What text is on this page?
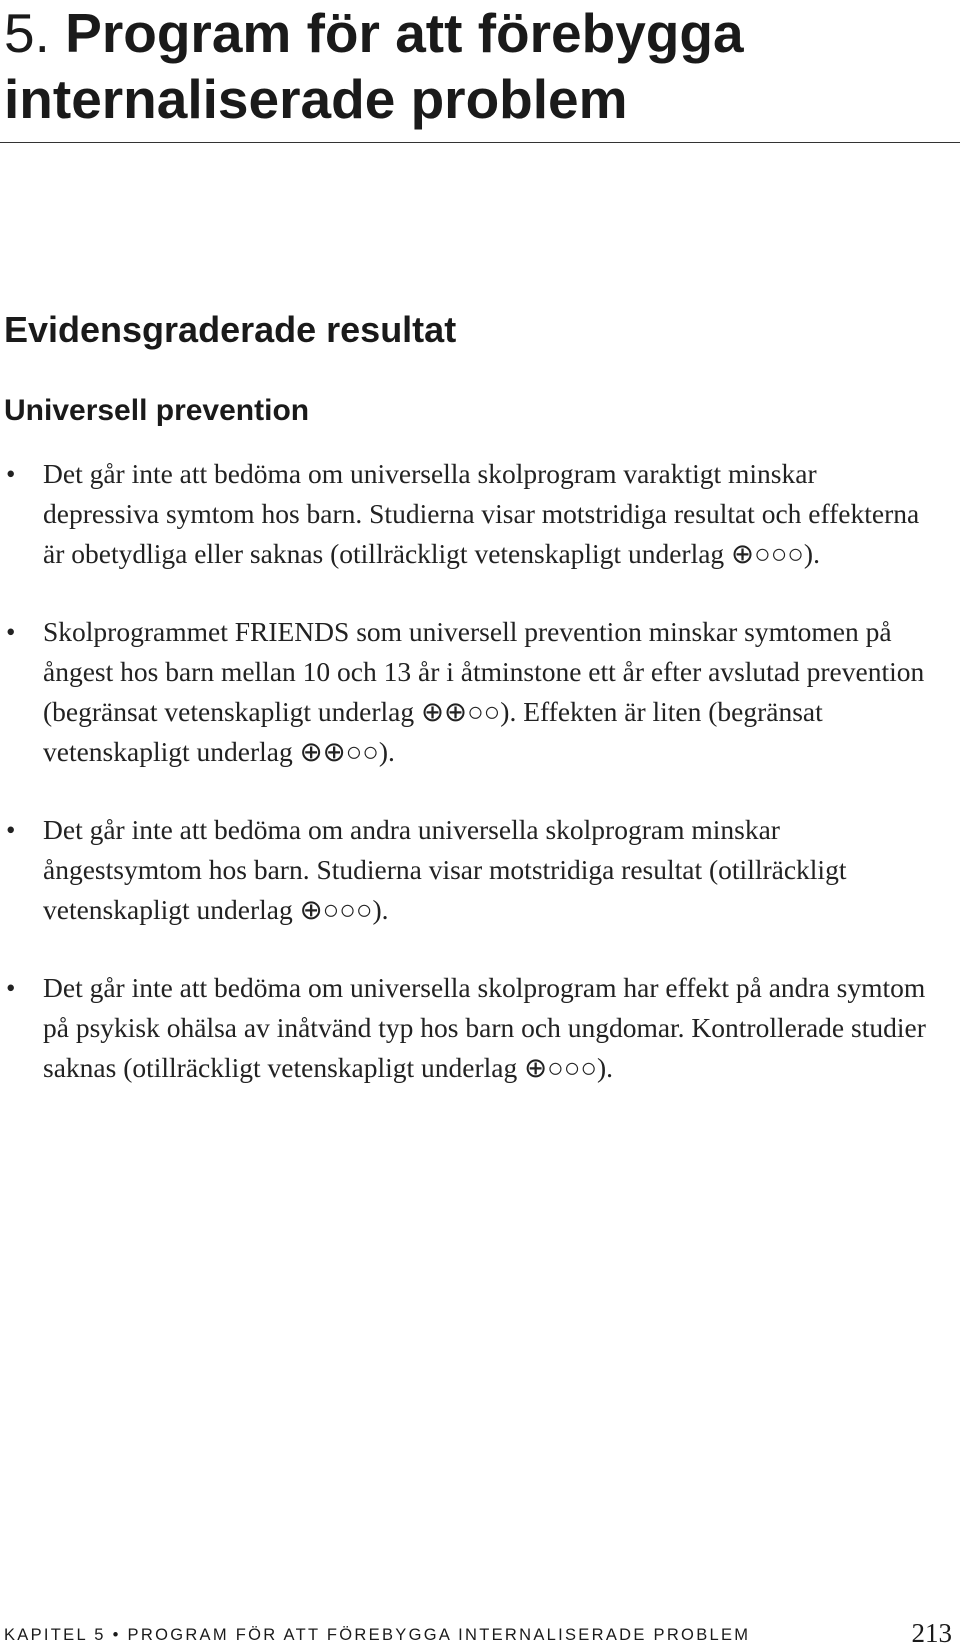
5. Program för att förebygga
internaliserade problem
Evidensgraderade resultat
Universell prevention
• Det går inte att bedöma om universella skolprogram varaktigt minskar depressiva symtom hos barn. Studierna visar motstridiga resultat och effekterna är obetydliga eller saknas (otillräckligt vetenskapligt underlag ⊕○○○).
• Skolprogrammet FRIENDS som universell prevention minskar symtomen på ångest hos barn mellan 10 och 13 år i åtminstone ett år efter avslutad prevention (begränsat vetenskapligt underlag ⊕⊕○○). Effekten är liten (begränsat vetenskapligt underlag ⊕⊕○○).
• Det går inte att bedöma om andra universella skolprogram minskar ångestsymtom hos barn. Studierna visar motstridiga resultat (otillräckligt vetenskapligt underlag ⊕○○○).
• Det går inte att bedöma om universella skolprogram har effekt på andra symtom på psykisk ohälsa av inåtvänd typ hos barn och ungdomar. Kontrollerade studier saknas (otillräckligt vetenskapligt underlag ⊕○○○).
KAPITEL 5 • PROGRAM FÖR ATT FÖREBYGGA INTERNALISERADE PROBLEM	213
